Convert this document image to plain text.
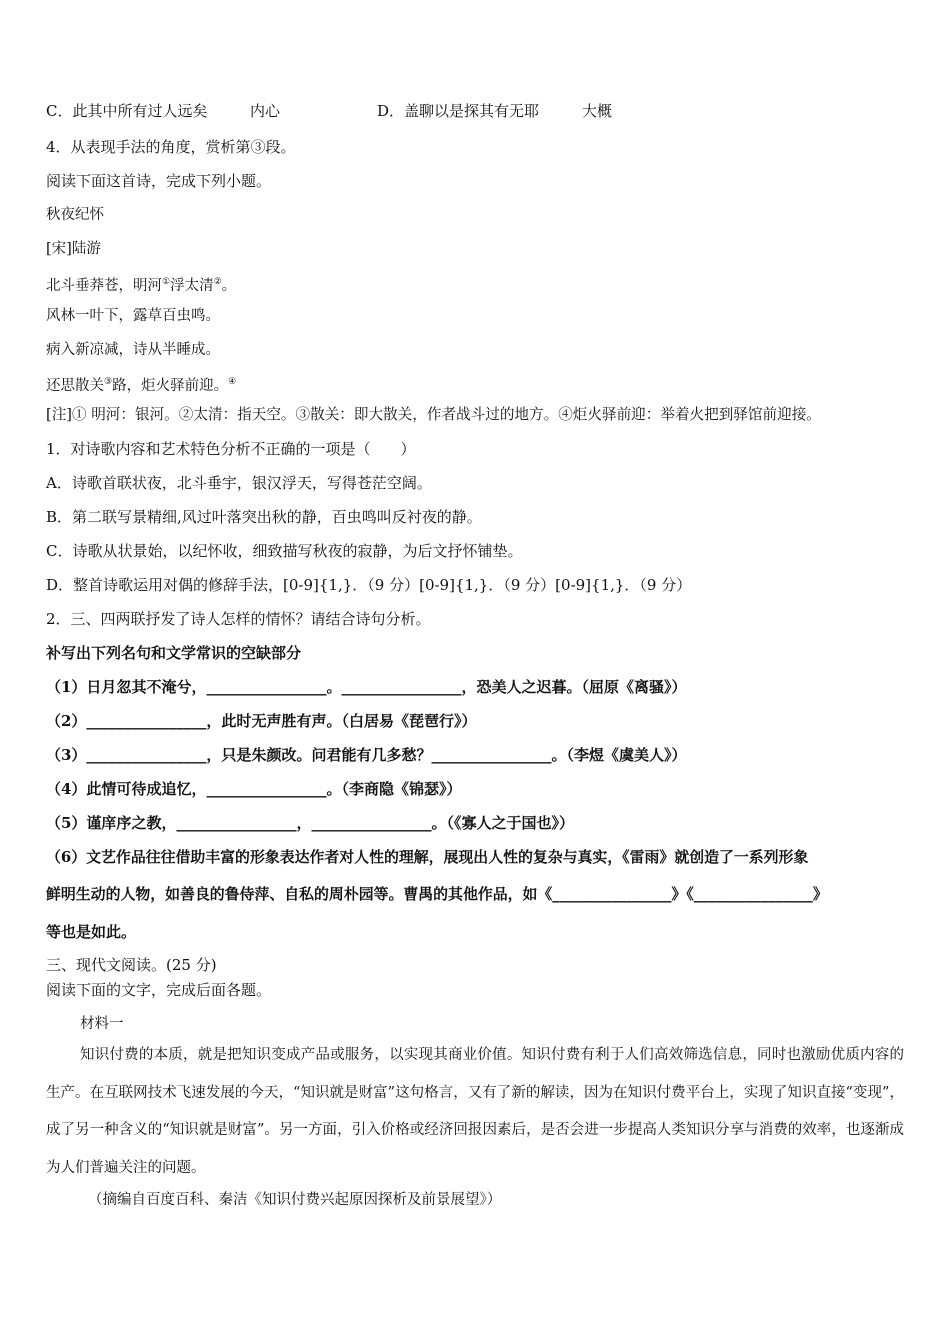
C．此其中所有过人远矣	内心	D．盖聊以是探其有无耶	大概
4．从表现手法的角度，赏析第③段。
阅读下面这首诗，完成下列小题。
秋夜纪怀
[宋]陆游
北斗垂莽苍，明河①浮太清②。
风林一叶下，露草百虫鸣。
病入新凉减，诗从半睡成。
还思散关③路，炬火驿前迎。④
[注]① 明河：银河。②太清：指天空。③散关：即大散关，作者战斗过的地方。④炬火驿前迎：举着火把到驿馆前迎接。
1．对诗歌内容和艺术特色分析不正确的一项是（　　）
A．诗歌首联状夜，北斗垂宇，银汉浮天，写得苍茫空阔。
B．第二联写景精细,风过叶落突出秋的静，百虫鸣叫反衬夜的静。
C．诗歌从状景始，以纪怀收，细致描写秋夜的寂静，为后文抒怀铺垫。
D．整首诗歌运用对偶的修辞手法，[0-9]{1,}．（9 分）[0-9]{1,}．（9 分）[0-9]{1,}．（9 分）
2．三、四两联抒发了诗人怎样的情怀？请结合诗句分析。
补写出下列名句和文学常识的空缺部分
（1）日月忽其不淹兮，________________。________________，恐美人之迟暮。（屈原《离骚》）
（2）________________，此时无声胜有声。（白居易《琵琶行》）
（3）________________，只是朱颜改。问君能有几多愁？________________。（李煜《虞美人》）
（4）此情可待成追忆，________________。（李商隐《锦瑟》）
（5）谨庠序之教，________________，________________。（《寡人之于国也》）
（6）文艺作品往往借助丰富的形象表达作者对人性的理解，展现出人性的复杂与真实，《雷雨》就创造了一系列形象
鲜明生动的人物，如善良的鲁侍萍、自私的周朴园等。曹禺的其他作品，如《________________》《________________》
等也是如此。
三、现代文阅读。(25 分)
阅读下面的文字，完成后面各题。
材料一
知识付费的本质，就是把知识变成产品或服务，以实现其商业价值。知识付费有利于人们高效筛选信息，同时也激励优质内容的生产。在互联网技术飞速发展的今天，“知识就是财富”这句格言，又有了新的解读，因为在知识付费平台上，实现了知识直接“变现”，成了另一种含义的“知识就是财富”。另一方面，引入价格或经济回报因素后，是否会进一步提高人类知识分享与消费的效率，也逐渐成为人们普遍关注的问题。
（摘编自百度百科、秦洁《知识付费兴起原因探析及前景展望》）
